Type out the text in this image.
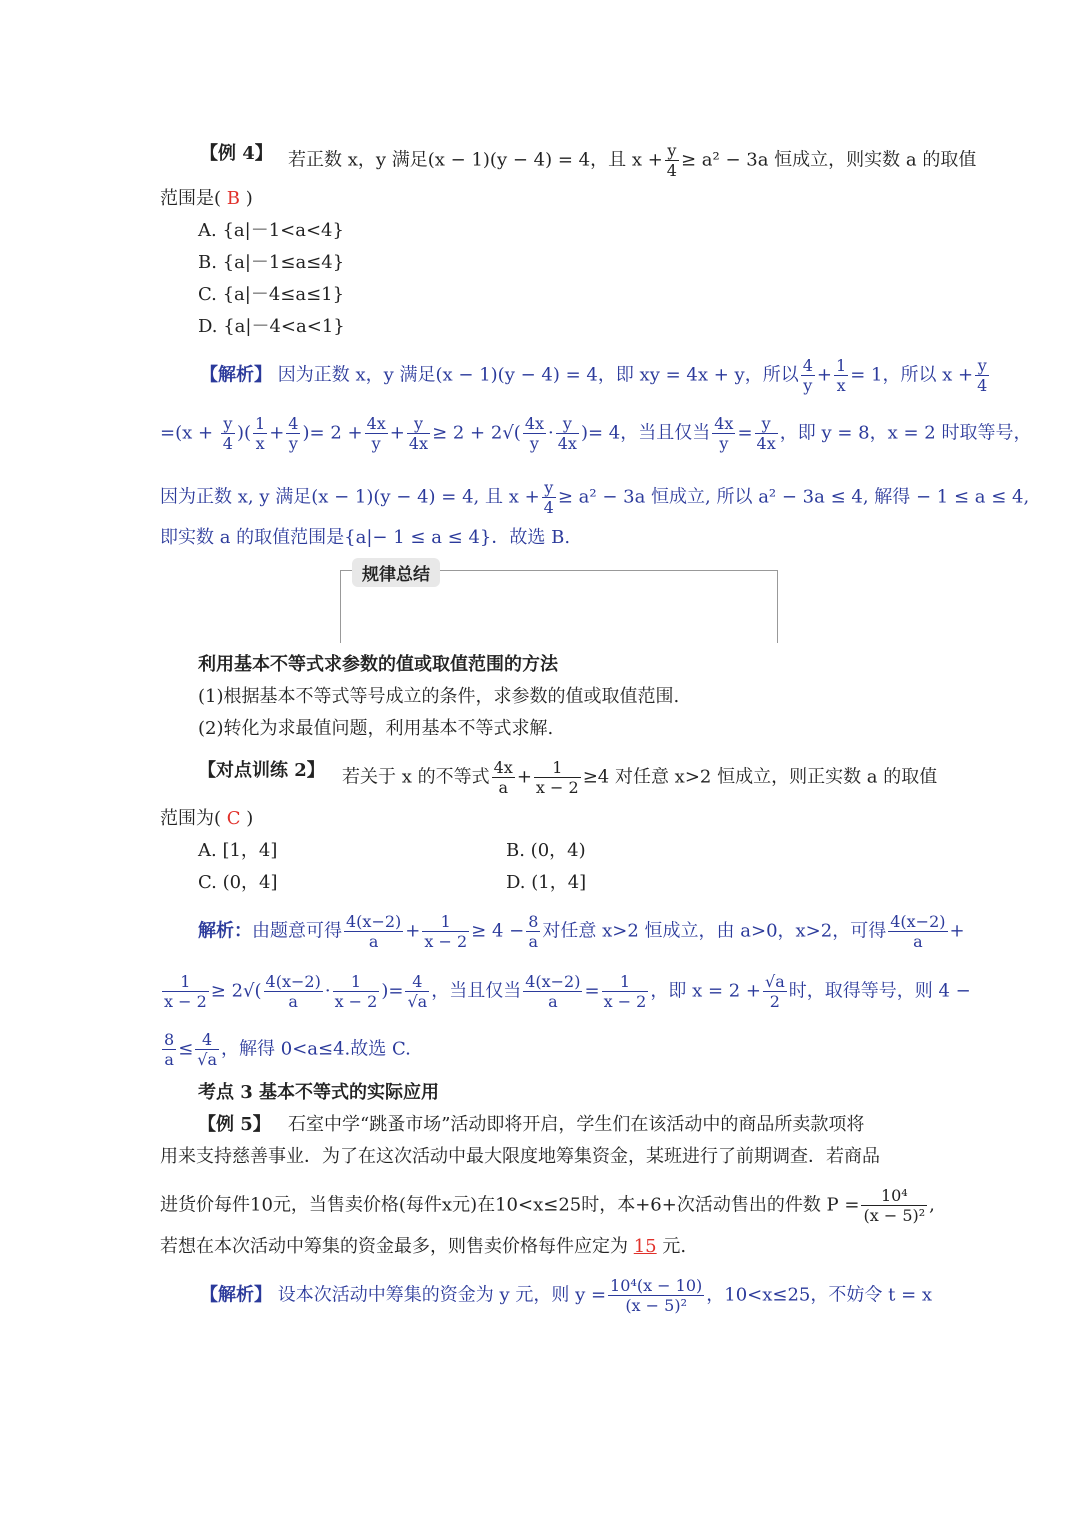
【例 4】 若正数 x，y 满足(x − 1)(y − 4) = 4，且 $x + \frac{y}{4} \ge a^2 - 3a$ 恒成立，则实数 a 的取值
范围是( B )
A. {a|－1<a<4}
B. {a|－1≤a≤4}
C. {a|－4≤a≤1}
D. {a|－4<a<1}
【解析】 因为正数 x，y 满足(x − 1)(y − 4) = 4，即 xy = 4x + y，所以 $\frac{4}{y} + \frac{1}{x} = 1$，所以 $x + \frac{y}{4}$
$=(x + \frac{y}{4}$ )( $\frac{1}{x} + \frac{4}{y}$ )= $2 + \frac{4x}{y} + \frac{y}{4x} \ge 2 + 2√( \frac{4x}{y} \cdot \frac{y}{4x}$ )= 4，当且仅当 $\frac{4x}{y} = \frac{y}{4x}$ ，即 y = 8，x = 2 时取等号，
因为正数 x, y 满足(x − 1)(y − 4) = 4, 且 $x + \frac{y}{4} \ge a^2 - 3a$ 恒成立, 所以 a² − 3a ≤ 4, 解得 − 1 ≤ a ≤ 4,
即实数 a 的取值范围是{a|− 1 ≤ a ≤ 4}．故选 B.
规律总结
利用基本不等式求参数的值或取值范围的方法
(1)根据基本不等式等号成立的条件，求参数的值或取值范围.
(2)转化为求最值问题，利用基本不等式求解.
【对点训练 2】 若关于 x 的不等式 $\frac{4x}{a} + \frac{1}{x - 2} \ge 4$ 对任意 x>2 恒成立，则正实数 a 的取值
范围为( C )
A. [1，4]	B. (0，4)
C. (0，4]	D. (1，4]
解析：由题意可得 $\frac{4(x-2)}{a} + \frac{1}{x - 2} \ge 4 - \frac{8}{a}$ 对任意 x>2 恒成立，由 a>0，x>2，可得 $\frac{4(x-2)}{a}$ +
$\frac{1}{x - 2} \ge 2√( \frac{4(x-2)}{a} \cdot \frac{1}{x - 2}$ )= $\frac{4}{√a}$ ，当且仅当 $\frac{4(x-2)}{a} = \frac{1}{x - 2}$ ，即 $x = 2 + \frac{√a}{2}$ 时，取得等号，则 4 −
$\frac{8}{a} \le \frac{4}{√a}$ ，解得 0<a≤4.故选 C.
考点 3 基本不等式的实际应用
【例 5】 石室中学“跳蚤市场”活动即将开启，学生们在该活动中的商品所卖款项将
用来支持慈善事业．为了在这次活动中最大限度地筹集资金，某班进行了前期调查．若商品
进货价每件10元，当售卖价格(每件x元)在10<x≤25时，本+6+次活动售出的件数 $P = \frac{\text{10⁴}}{\text{(x − 5)²}}$ ,
若想在本次活动中筹集的资金最多，则售卖价格每件应定为 15 元.
【解析】 设本次活动中筹集的资金为 y 元，则 $y = \frac{\text{10⁴(x − 10)}}{\text{(x − 5)²}}$ ，10<x≤25，不妨令 t = x
